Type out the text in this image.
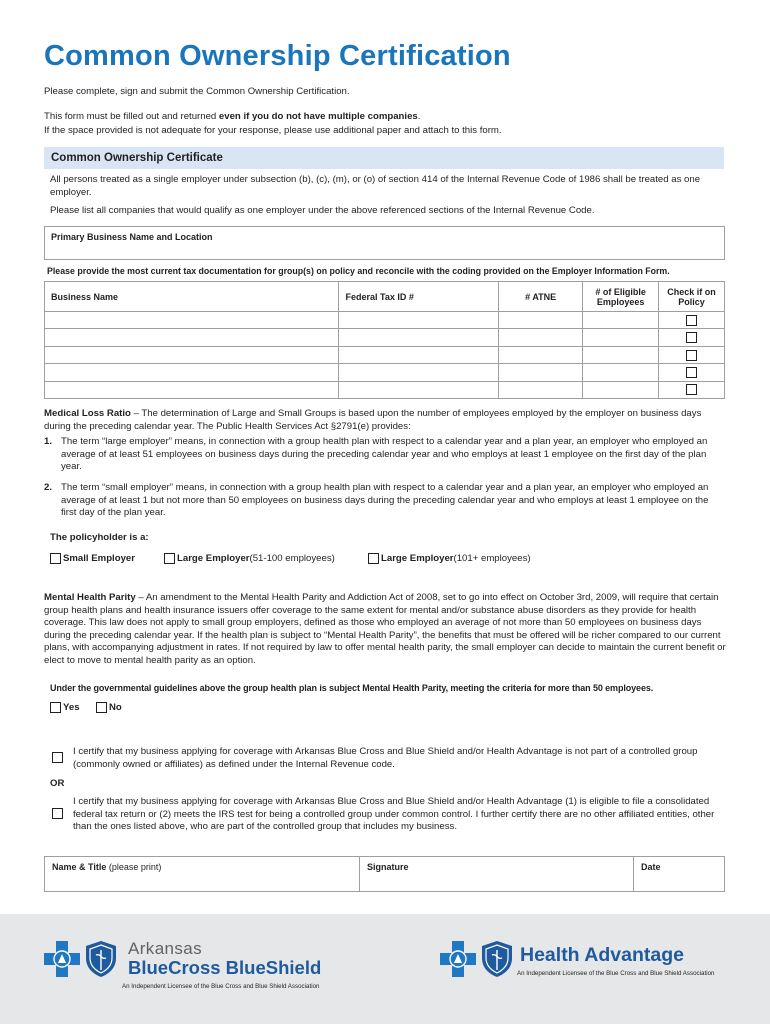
Common Ownership Certification
Please complete, sign and submit the Common Ownership Certification.
This form must be filled out and returned even if you do not have multiple companies.
If the space provided is not adequate for your response, please use additional paper and attach to this form.
Common Ownership Certificate
All persons treated as a single employer under subsection (b), (c), (m), or (o) of section 414 of the Internal Revenue Code of 1986 shall be treated as one employer.
Please list all companies that would qualify as one employer under the above referenced sections of the Internal Revenue Code.
Primary Business Name and Location
Please provide the most current tax documentation for group(s) on policy and reconcile with the coding provided on the Employer Information Form.
Business Name	Federal Tax ID #	# ATNE	# of Eligible Employees	Check if on Policy

Medical Loss Ratio – The determination of Large and Small Groups is based upon the number of employees employed by the employer on business days during the preceding calendar year. The Public Health Services Act §2791(e) provides:
1. The term “large employer” means, in connection with a group health plan with respect to a calendar year and a plan year, an employer who employed an average of at least 51 employees on business days during the preceding calendar year and who employs at least 1 employee on the first day of the plan year.
2. The term “small employer” means, in connection with a group health plan with respect to a calendar year and a plan year, an employer who employed an average of at least 1 but not more than 50 employees on business days during the preceding calendar year and who employs at least 1 employee on the first day of the plan year.
The policyholder is a:
Small Employer	Large Employer (51-100 employees)	Large Employer (101+ employees)
Mental Health Parity – An amendment to the Mental Health Parity and Addiction Act of 2008, set to go into effect on October 3rd, 2009, will require that certain group health plans and health insurance issuers offer coverage to the same extent for mental and/or substance abuse disorders as they provide for health coverage. This law does not apply to small group employers, defined as those who employed an average of not more than 50 employees on business days during the preceding calendar year. If the health plan is subject to “Mental Health Parity”, the benefits that must be offered will be richer compared to our current plans, with accompanying adjustment in rates. If not required by law to offer mental health parity, the small employer can decide to maintain the current benefit or elect to move to mental health parity as an option.
Under the governmental guidelines above the group health plan is subject Mental Health Parity, meeting the criteria for more than 50 employees.
Yes	No
I certify that my business applying for coverage with Arkansas Blue Cross and Blue Shield and/or Health Advantage is not part of a controlled group (commonly owned or affiliates) as defined under the Internal Revenue code.
OR
I certify that my business applying for coverage with Arkansas Blue Cross and Blue Shield and/or Health Advantage (1) is eligible to file a consolidated federal tax return or (2) meets the IRS test for being a controlled group under common control. I further certify there are no other affiliated entities, other than the ones listed above, who are part of the controlled group that includes my business.
Name & Title (please print)	Signature	Date
Arkansas
BlueCross BlueShield
An Independent Licensee of the Blue Cross and Blue Shield Association
Health Advantage
An Independent Licensee of the Blue Cross and Blue Shield Association
